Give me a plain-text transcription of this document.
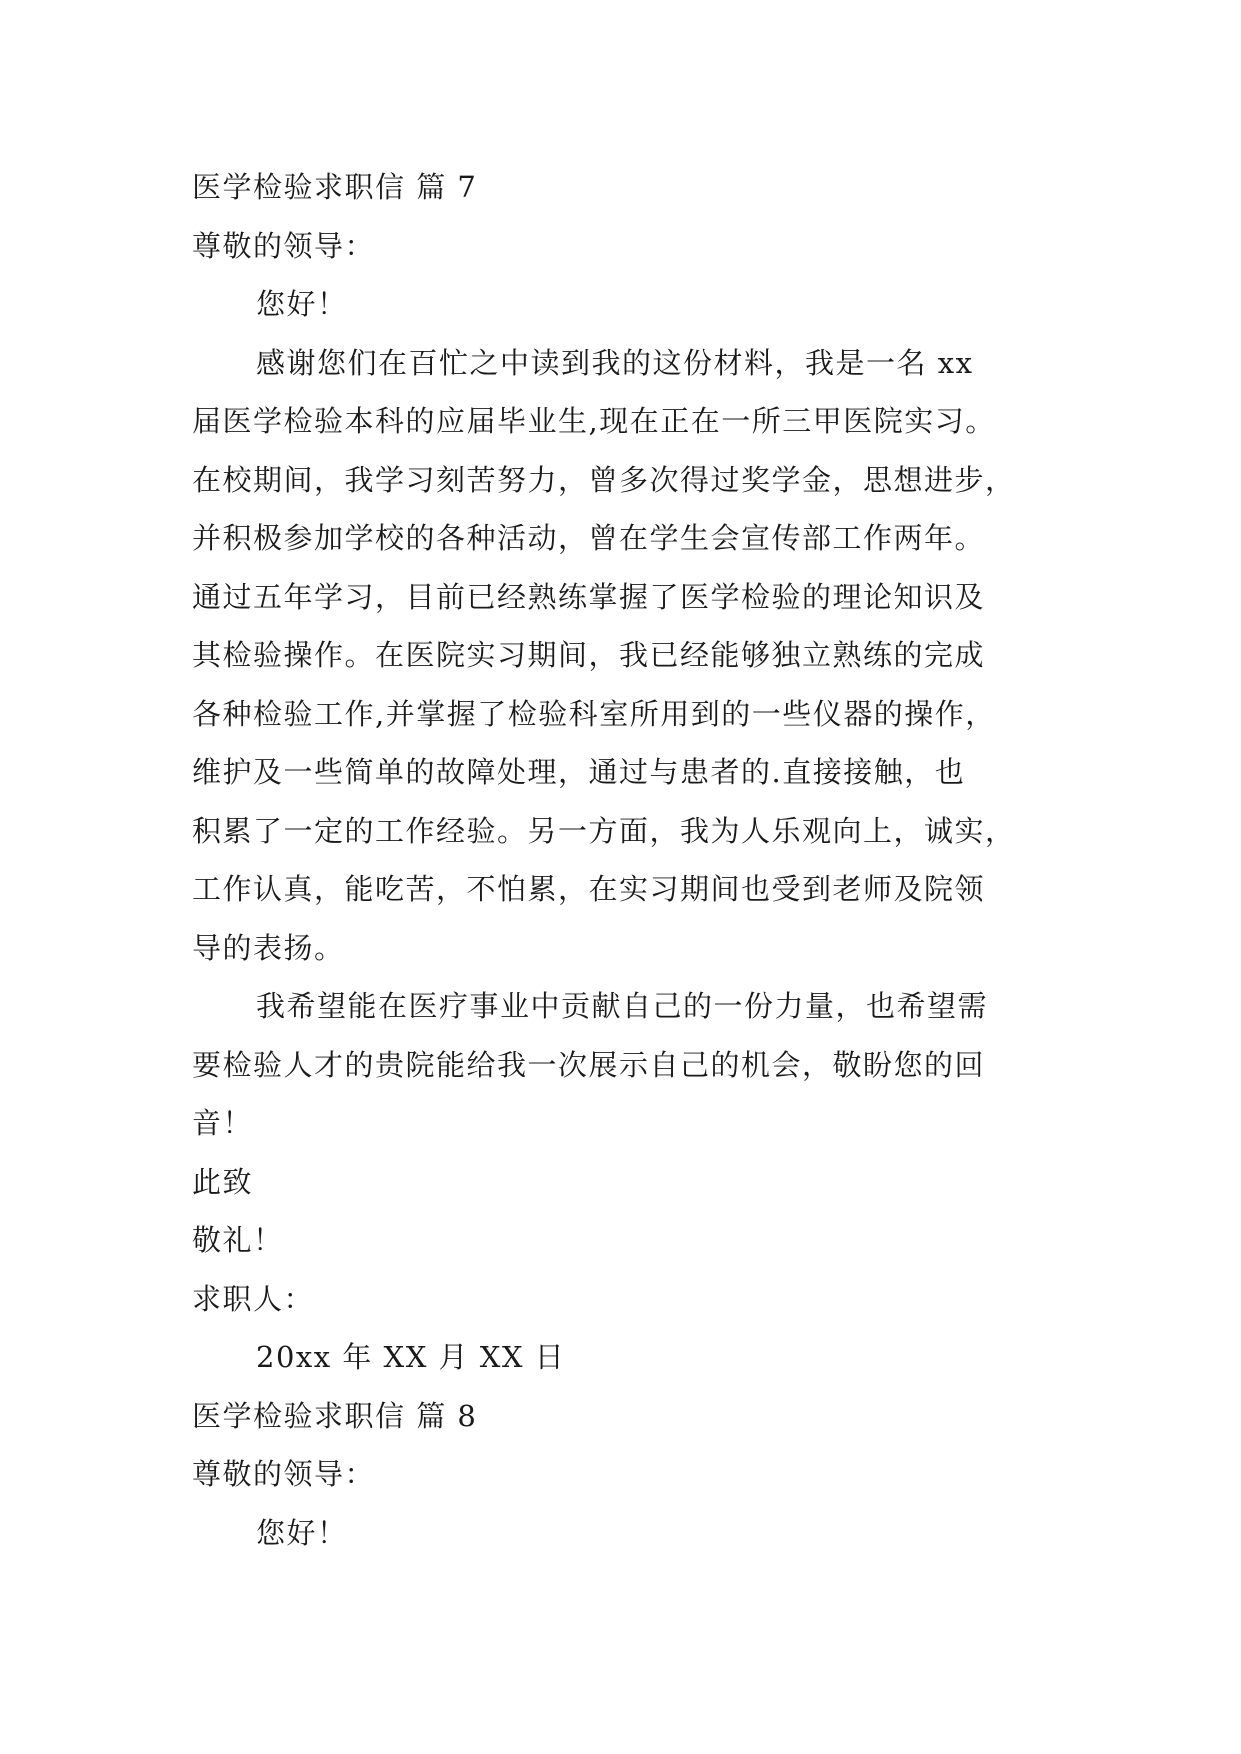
医学检验求职信 篇 7
尊敬的领导：
您好！
感谢您们在百忙之中读到我的这份材料，我是一名 xx
届医学检验本科的应届毕业生,现在正在一所三甲医院实习。
在校期间，我学习刻苦努力，曾多次得过奖学金，思想进步，
并积极参加学校的各种活动，曾在学生会宣传部工作两年。
通过五年学习，目前已经熟练掌握了医学检验的理论知识及
其检验操作。在医院实习期间，我已经能够独立熟练的完成
各种检验工作,并掌握了检验科室所用到的一些仪器的操作，
维护及一些简单的故障处理，通过与患者的.直接接触，也
积累了一定的工作经验。另一方面，我为人乐观向上，诚实，
工作认真，能吃苦，不怕累，在实习期间也受到老师及院领
导的表扬。
我希望能在医疗事业中贡献自己的一份力量，也希望需
要检验人才的贵院能给我一次展示自己的机会，敬盼您的回
音！
此致
敬礼！
求职人：
20xx 年 XX 月 XX 日
医学检验求职信 篇 8
尊敬的领导：
您好！
